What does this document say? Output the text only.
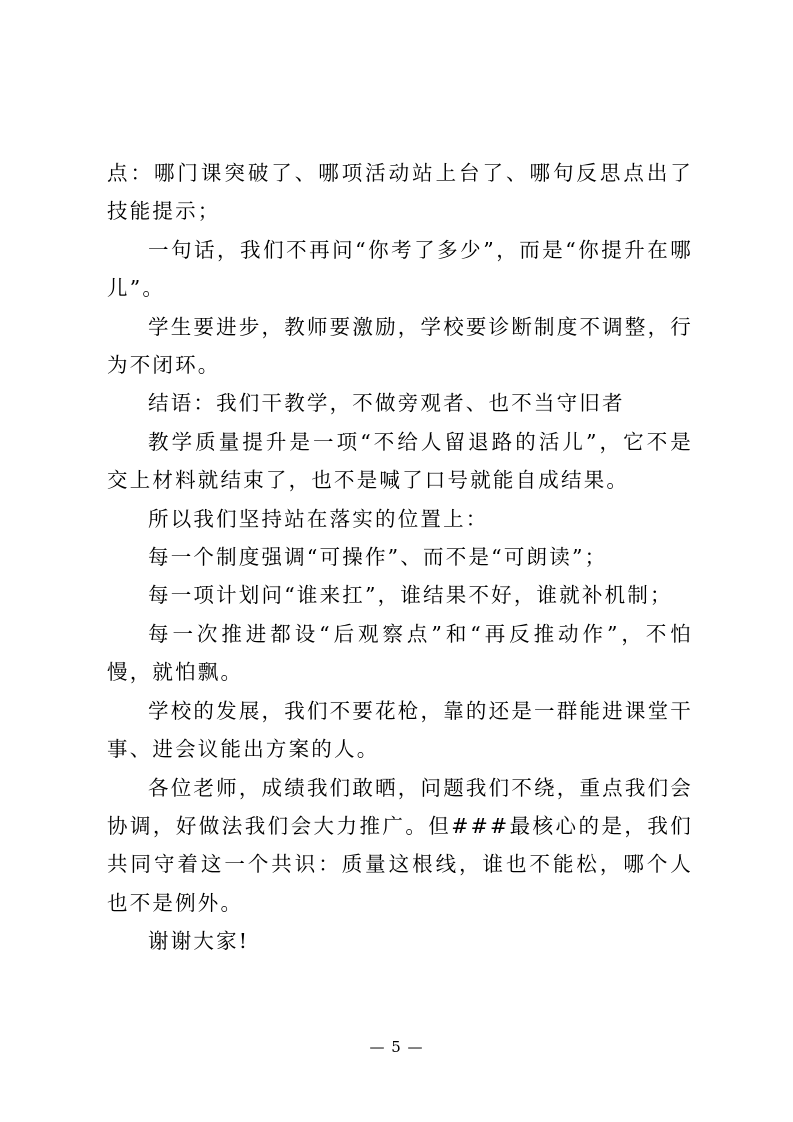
点：哪门课突破了、哪项活动站上台了、哪句反思点出了技能提示；

一句话，我们不再问“你考了多少”，而是“你提升在哪儿”。

学生要进步，教师要激励，学校要诊断制度不调整，行为不闭环。

结语：我们干教学，不做旁观者、也不当守旧者

教学质量提升是一项“不给人留退路的活儿”，它不是交上材料就结束了，也不是喊了口号就能自成结果。

所以我们坚持站在落实的位置上：

每一个制度强调“可操作”、而不是“可朗读”；

每一项计划问“谁来扛”，谁结果不好，谁就补机制；

每一次推进都设“后观察点”和“再反推动作”，不怕慢，就怕飘。

学校的发展，我们不要花枪，靠的还是一群能进课堂干事、进会议能出方案的人。

各位老师，成绩我们敢晒，问题我们不绕，重点我们会协调，好做法我们会大力推广。但###最核心的是，我们共同守着这一个共识：质量这根线，谁也不能松，哪个人也不是例外。

谢谢大家!

— 5 —
